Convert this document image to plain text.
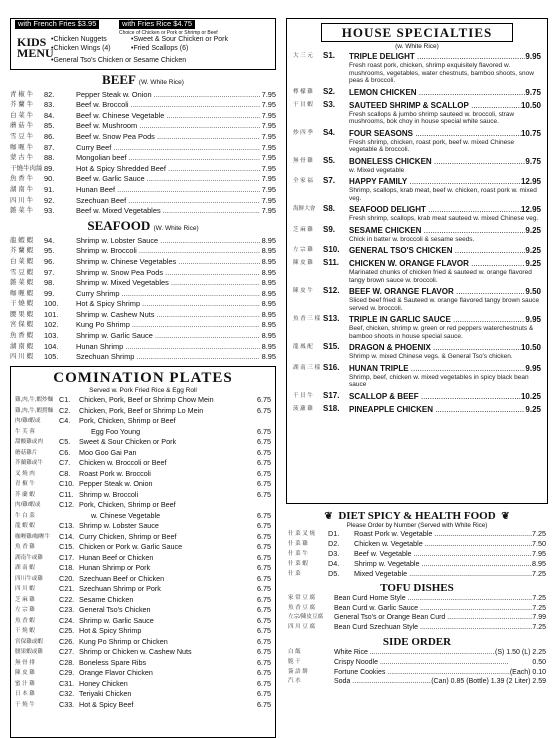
with French Fries $3.95	with Fries Rice $4.75
Choice of Chicken or Pork or Shrimp or Beef
KIDS
MENU
•Chicken Nuggets
•Chicken Wings (4)
•Sweet & Sour Chicken or Pork
•Fried Scallops (6)
•General Tso's Chicken or Sesame Chicken
BEEF (W. White Rice)
青 椒 牛	82.	Pepper Steak w. Onion .....	7.95
芥 蘭 牛	83.	Beef w. Broccoli .....	7.95
白 菜 牛	84.	Beef w. Chinese Vegetable .....	7.95
蘑 菇 牛	85.	Beef w. Mushroom .....	7.95
雪 豆 牛	86.	Beef w. Snow Pea Pods .....	7.95
咖 喱 牛	87.	Curry Beef .....	7.95
蒙 古 牛	88.	Mongolian beef .....	7.95
干燒牛肉絲 89.	Hot & Spicy Shredded Beef .....	7.95
魚 香 牛	90.	Beef w. Garlic Sauce .....	7.95
湖 南 牛	91.	Hunan Beef .....	7.95
四 川 牛	92.	Szechuan Beef .....	7.95
雜 菜 牛	93.	Beef w. Mixed Vegetables .....	7.95
SEAFOOD (W. White Rice)
龍 蝦 蝦	94.	Shrimp w. Lobster Sauce .....	8.95
芥 蘭 蝦	95.	Shrimp w. Broccoli .....	8.95
白 菜 蝦	96.	Shrimp w. Chinese Vegetables .....	8.95
雪 豆 蝦	97.	Shrimp w. Snow Pea Pods .....	8.95
雜 菜 蝦	98.	Shrimp w. Mixed Vegetables .....	8.95
咖 喱 蝦	99.	Curry Shrimp .....	8.95
干 燒 蝦	100.	Hot & Spicy Shrimp .....	8.95
腰 果 蝦	101.	Shrimp w. Cashew Nuts .....	8.95
宮 保 蝦	102.	Kung Po Shrimp .....	8.95
魚 香 蝦	103.	Shrimp w. Garlic Sauce .....	8.95
湖 南 蝦	104.	Hunan Shrimp .....	8.95
四 川 蝦	105.	Szechuan Shrimp .....	8.95
COMINATION PLATES
Served w. Pork Fried Rice & Egg Roll
雞,肉,牛,蝦炒麵 C1.	Chicken, Pork, Beef or Shrimp Chow Mein	6.75
雞,肉,牛,蝦撈麵 C2.	Chicken, Pork, Beef or Shrimp Lo Mein	6.75
肉/雞/蝦或	C4.	Pork, Chicken, Shrimp or Beef
牛 芙 蓉	Egg Foo Young	6.75
甜酸雞或肉	C5.	Sweet & Sour Chicken or Pork	6.75
蘑菇雞片	C6.	Moo Goo Gai Pan	6.75
芥蘭雞或牛	C7.	Chicken w. Broccoli or Beef	6.75
叉 燒 肉	C8.	Roast Pork w. Broccoli	6.75
青 椒 牛	C10. Pepper Steak w. Onion	6.75
芥 蘭 蝦	C11. Shrimp w. Broccoli	6.75
肉/雞/蝦或	C12. Pork, Chicken, Shrimp or Beef
牛 白 菜	w. Chinese Vegetable	6.75
龍 蝦 蝦	C13. Shrimp w. Lobster Sauce	6.75
咖喱雞/咖喱牛	C14. Curry Chicken, Shrimp or Beef	6.75
魚 香 雞	C15. Chicken or Pork w. Garlic Sauce	6.75
湖南牛或雞	C17. Hunan Beef or Chicken	6.75
湖 南 蝦	C18. Hunan Shrimp or Pork	6.75
四川牛或雞	C20. Szechuan Beef or Chicken	6.75
四 川 蝦	C21. Szechuan Shrimp or Pork	6.75
芝 麻 雞	C22. Sesame Chicken	6.75
左 宗 雞	C23. General Tso's Chicken	6.75
魚 香 蝦	C24. Shrimp w. Garlic Sauce	6.75
干 燒 蝦	C25. Hot & Spicy Shrimp	6.75
宮保雞或蝦	C26. Kung Po Shrimp or Chicken	6.75
腰果蝦或雞	C27. Shrimp or Chicken w. Cashew Nuts	6.75
無 骨 排	C28. Boneless Spare Ribs	6.75
陳 皮 雞	C29. Orange Flavor Chicken	6.75
蜜 汁 雞	C31. Honey Chicken	6.75
日 本 雞	C32. Teriyaki Chicken	6.75
干 燒 牛	C33. Hot & Spicy Beef	6.75
HOUSE SPECIALTIES
(w. White Rice)
大 三 元 S1. TRIPLE DELIGHT .....	9.95
Fresh roast pork, chicken, shrimp exquisitely flavored w. mushrooms, vegetables, water chestnuts, bamboo shoots, snow peas & broccoli.
檸 檬 雞 S2. LEMON CHICKEN .....	9.75
干 貝 蝦 S3. SAUTEED SHRIMP & SCALLOP .....	10.50
Fresh scallops & jumbo shrimp sauteed w. broccoli, straw mushrooms, bok choy in house special white sauce.
炒 四 季 S4. FOUR SEASONS .....	10.75
Fresh shrimp, chicken, roast pork, beef w. mixed Chinese vegetable & broccoli.
無 骨 雞 S5. BONELESS CHICKEN .....	9.75
w. Mixed vegetable
全 家 福 S7. HAPPY FAMILY .....	12.95
Shrimp, scallops, krab meat, beef w. chicken, roast pork w. mixed veg.
海鮮大會 S8. SEAFOOD DELIGHT .....	12.95
Fresh shrimp, scallops, krab meat sauteed w. mixed Chinese veg.
芝 麻 雞 S9. SESAME CHICKEN .....	9.25
Chick in batter w. broccoli & sesame seeds.
左 宗 雞 S10. GENERAL TSO'S CHICKEN .....	9.25
陳 皮 雞 S11. CHICKEN W. ORANGE FLAVOR .....	9.25
Marinated chunks of chicken fried & sauteed w. orange flavored tangy brown sauce w. broccoli.
陳 皮 牛 S12. BEEF W. ORANGE FLAVOR .....	9.50
Sliced beef fried & Sauteed w. orange flavored tangy brown sauce served w. broccoli.
魚 香 三 樣 S13. TRIPLE IN GARLIC SAUCE .....	9.95
Beef, chicken, shrimp w. green or red peppers waterchestnuts & bamboo shoots in house special sauce.
龍 鳳 配 S15. DRAGON & PHOENIX .....	10.50
Shrimp w. mixed Chinese vegs. & General Tso's chicken.
湖 南 三 樣 S16. HUNAN TRIPLE .....	9.95
Shrimp, beef, chicken w. mixed vegetables in spicy black bean sauce
干 貝 牛 S17. SCALLOP & BEEF .....	10.25
菠 蘿 雞 S18. PINEAPPLE CHICKEN .....	9.25
❦ DIET SPICY & HEALTH FOOD ❦
Please Order by Number (Served with White Rice)
什 菜 叉 燒	D1.	Roast Pork w. Vegetable .....	7.25
什 菜 雞	D2.	Chicken w. Vegetable .....	7.50
什 菜 牛	D3.	Beef w. Vegetable .....	7.95
什 菜 蝦	D4.	Shrimp w. Vegetable .....	8.95
什 菜	D5.	Mixed Vegetable .....	7.25
TOFU DISHES
家 常 豆 腐	Bean Curd Home Style .....	7.25
魚 香 豆 腐	Bean Curd w. Garlic Sauce .....	7.25
左宗/陳皮豆腐	General Tso's or Orange Bean Curd .....	7.99
四 川 豆 腐	Bean Curd Szechuan Style .....	7.25
SIDE ORDER
白 飯	White Rice .....	(S) 1.50 (L) 2.25
脆 干	Crispy Noodle .....	0.50
簽 語 餅	Fortune Cookies .....	(Each) 0.10
汽 水	Soda .....	(Can) 0.85 (Bottle) 1.39 (2 Liter) 2.59
